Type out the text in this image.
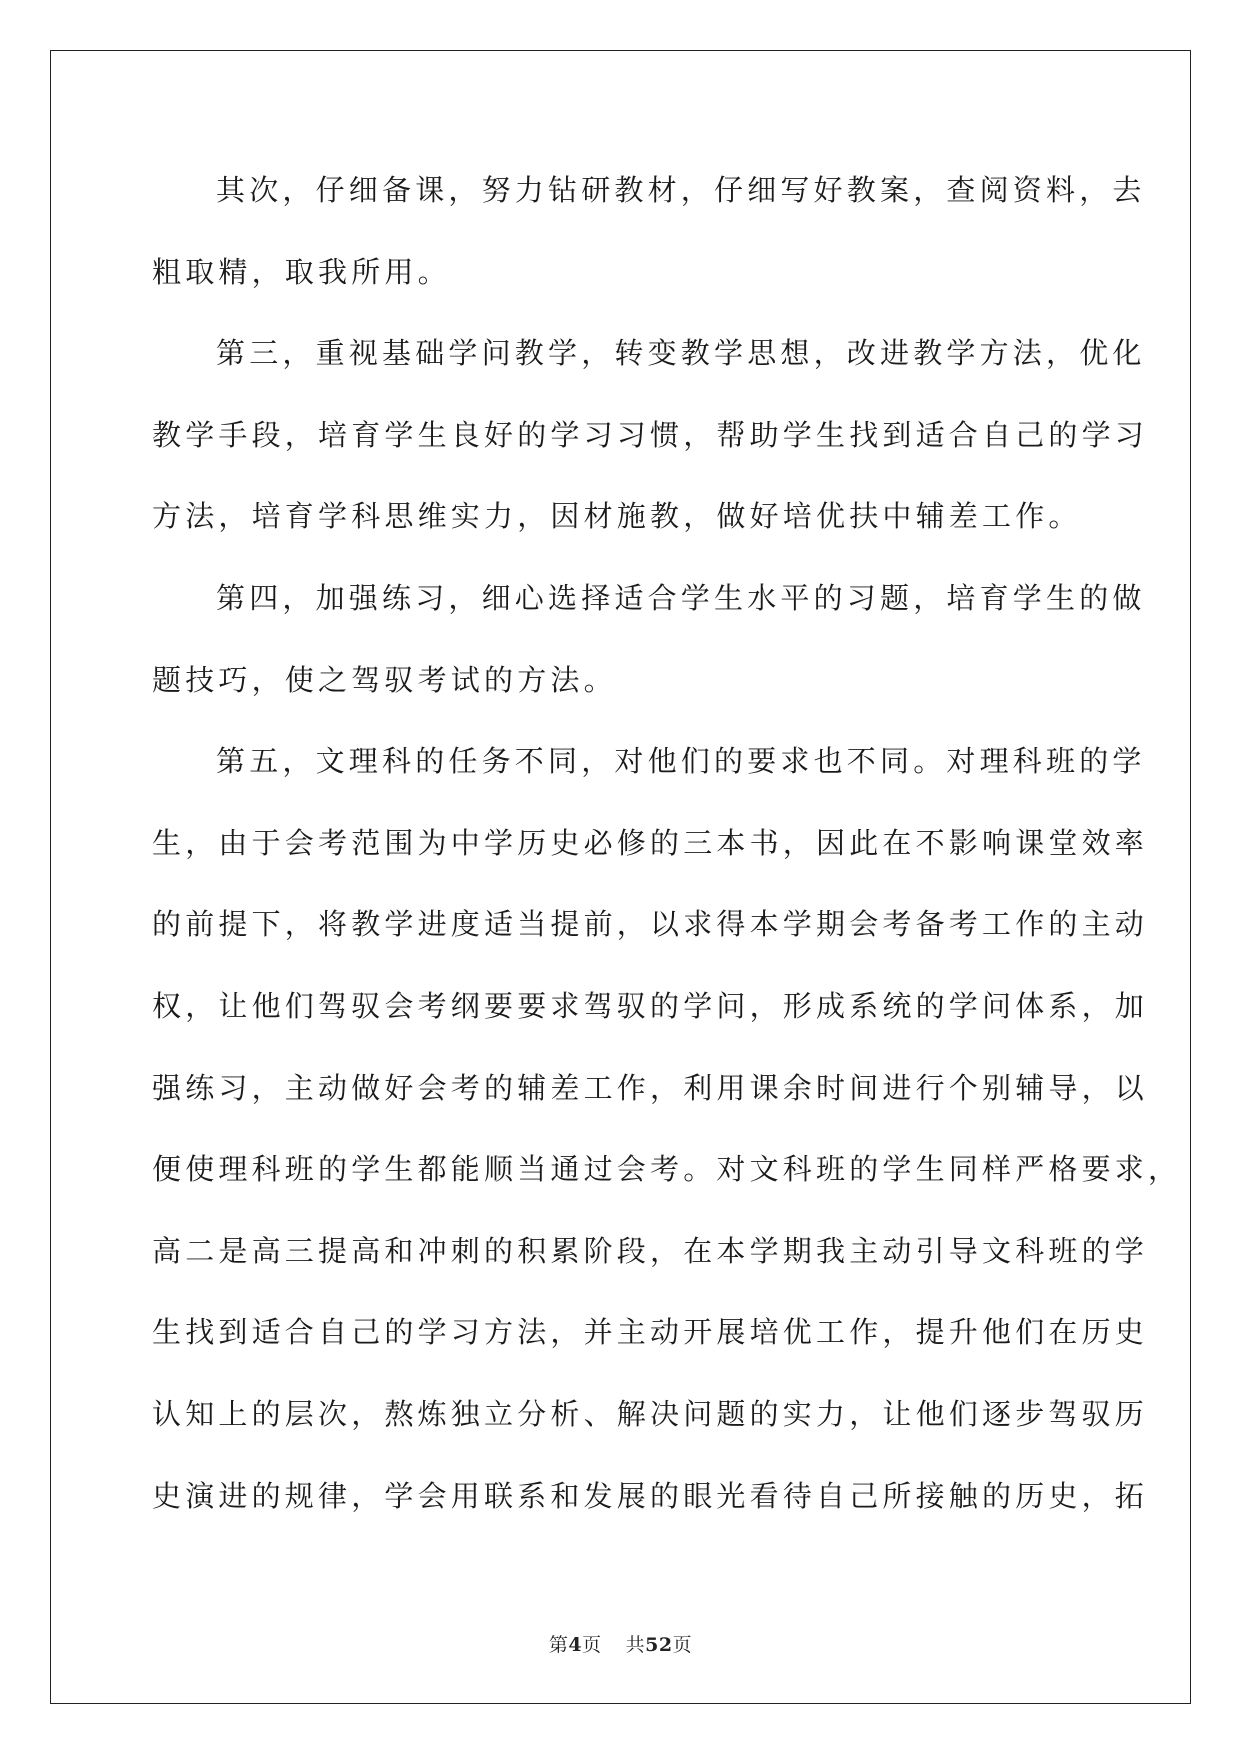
其次，仔细备课，努力钻研教材，仔细写好教案，查阅资料，去

粗取精，取我所用。

第三，重视基础学问教学，转变教学思想，改进教学方法，优化

教学手段，培育学生良好的学习习惯，帮助学生找到适合自己的学习

方法，培育学科思维实力，因材施教，做好培优扶中辅差工作。

第四，加强练习，细心选择适合学生水平的习题，培育学生的做

题技巧，使之驾驭考试的方法。

第五，文理科的任务不同，对他们的要求也不同。对理科班的学

生，由于会考范围为中学历史必修的三本书，因此在不影响课堂效率

的前提下，将教学进度适当提前，以求得本学期会考备考工作的主动

权，让他们驾驭会考纲要要求驾驭的学问，形成系统的学问体系，加

强练习，主动做好会考的辅差工作，利用课余时间进行个别辅导，以

便使理科班的学生都能顺当通过会考。对文科班的学生同样严格要求，

高二是高三提高和冲刺的积累阶段，在本学期我主动引导文科班的学

生找到适合自己的学习方法，并主动开展培优工作，提升他们在历史

认知上的层次，熬炼独立分析、解决问题的实力，让他们逐步驾驭历

史演进的规律，学会用联系和发展的眼光看待自己所接触的历史，拓

第4页 共52页
